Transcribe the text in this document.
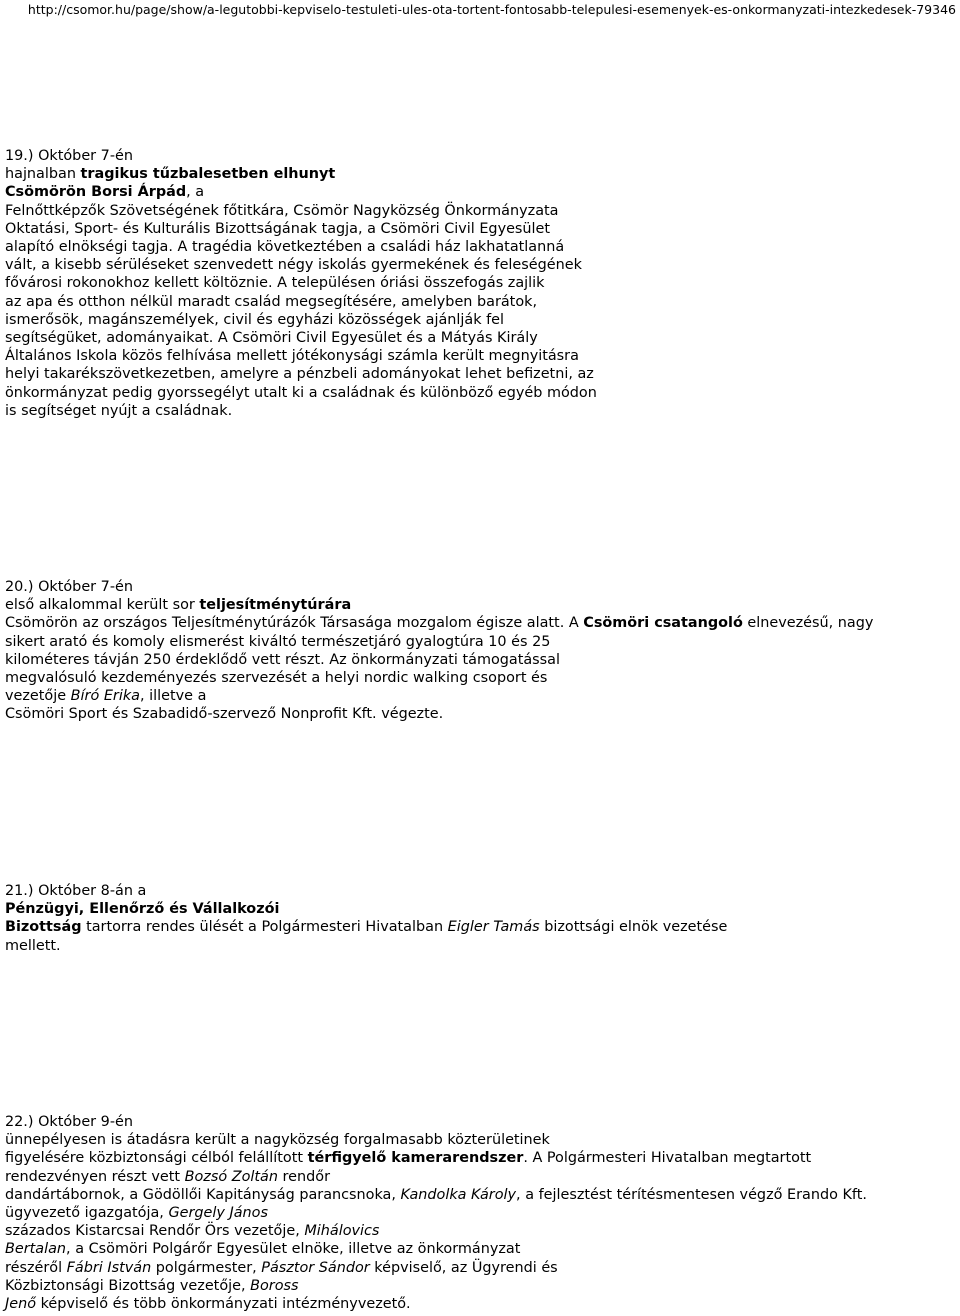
http://csomor.hu/page/show/a-legutobbi-kepviselo-testuleti-ules-ota-tortent-fontosabb-telepulesi-esemenyek-es-onkormanyzati-intezkedesek-79346
19.) Október 7-én
hajnalban tragikus tűzbalesetben elhunyt
Csömörön Borsi Árpád, a
Felnőttképzők Szövetségének főtitkára, Csömör Nagyközség Önkormányzata
Oktatási, Sport- és Kulturális Bizottságának tagja, a Csömöri Civil Egyesület
alapító elnökségi tagja. A tragédia következtében a családi ház lakhatatlanná
vált, a kisebb sérüléseket szenvedett négy iskolás gyermekének és feleségének
fővárosi rokonokhoz kellett költöznie. A településen óriási összefogás zajlik
az apa és otthon nélkül maradt család megsegítésére, amelyben barátok,
ismerősök, magánszemélyek, civil és egyházi közösségek ajánlják fel
segítségüket, adományaikat. A Csömöri Civil Egyesület és a Mátyás Király
Általános Iskola közös felhívása mellett jótékonysági számla került megnyitásra
helyi takarékszövetkezetben, amelyre a pénzbeli adományokat lehet befizetni, az
önkormányzat pedig gyorssegélyt utalt ki a családnak és különböző egyéb módon
is segítséget nyújt a családnak.
20.) Október 7-én
első alkalommal került sor teljesítménytúrára
Csömörön az országos Teljesítménytúrázók Társasága mozgalom égisze alatt. A Csömöri csatangoló elnevezésű, nagy
sikert arató és komoly elismerést kiváltó természetjáró gyalogtúra 10 és 25
kilométeres távján 250 érdeklődő vett részt. Az önkormányzati támogatással
megvalósuló kezdeményezés szervezését a helyi nordic walking csoport és
vezetője Bíró Erika, illetve a
Csömöri Sport és Szabadidő-szervező Nonprofit Kft. végezte.
21.) Október 8-án a
Pénzügyi, Ellenőrző és Vállalkozói
Bizottság tartorra rendes ülését a Polgármesteri Hivatalban Eigler Tamás bizottsági elnök vezetése
mellett.
22.) Október 9-én
ünnepélyesen is átadásra került a nagyközség forgalmasabb közterületinek
figyelésére közbiztonsági célból felállított térfigyelő kamerarendszer. A Polgármesteri Hivatalban megtartott
rendezvényen részt vett Bozsó Zoltán rendőr
dandártábornok, a Gödöllői Kapitányság parancsnoka, Kandolka Károly, a fejlesztést térítésmentesen végző Erando Kft.
ügyvezető igazgatója, Gergely János
százados Kistarcsai Rendőr Örs vezetője, Mihálovics
Bertalan, a Csömöri Polgárőr Egyesület elnöke, illetve az önkormányzat
részéről Fábri István polgármester, Pásztor Sándor képviselő, az Ügyrendi és
Közbiztonsági Bizottság vezetője, Boross
Jenő képviselő és több önkormányzati intézményvezető.
